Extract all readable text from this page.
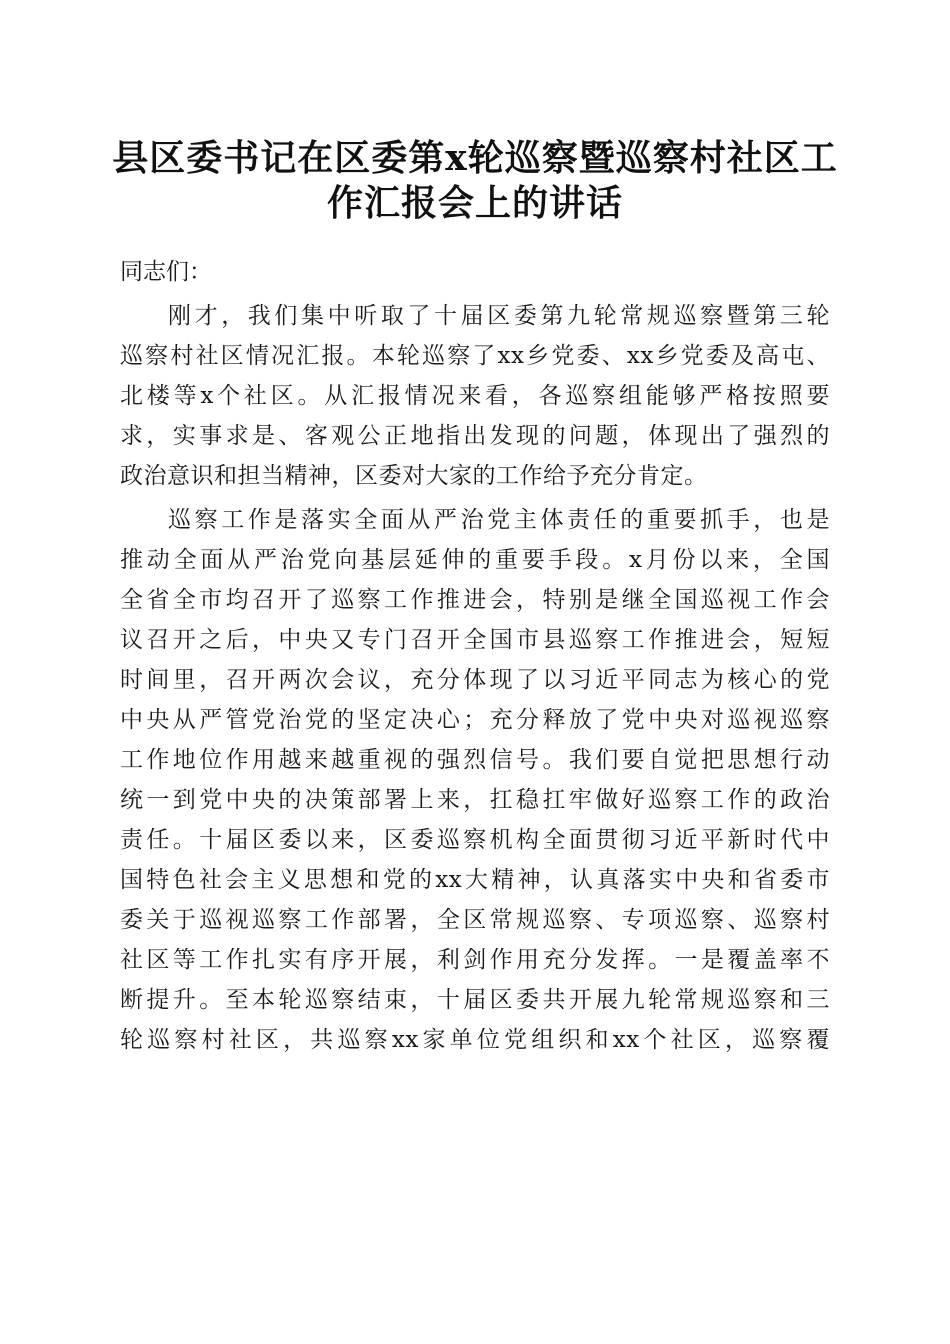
县区委书记在区委第x轮巡察暨巡察村社区工
作汇报会上的讲话
同志们：
刚才，我们集中听取了十届区委第九轮常规巡察暨第三轮
巡察村社区情况汇报。本轮巡察了xx乡党委、xx乡党委及高屯、
北楼等x个社区。从汇报情况来看，各巡察组能够严格按照要
求，实事求是、客观公正地指出发现的问题，体现出了强烈的
政治意识和担当精神，区委对大家的工作给予充分肯定。
巡察工作是落实全面从严治党主体责任的重要抓手，也是
推动全面从严治党向基层延伸的重要手段。x月份以来，全国
全省全市均召开了巡察工作推进会，特别是继全国巡视工作会
议召开之后，中央又专门召开全国市县巡察工作推进会，短短
时间里，召开两次会议，充分体现了以习近平同志为核心的党
中央从严管党治党的坚定决心；充分释放了党中央对巡视巡察
工作地位作用越来越重视的强烈信号。我们要自觉把思想行动
统一到党中央的决策部署上来，扛稳扛牢做好巡察工作的政治
责任。十届区委以来，区委巡察机构全面贯彻习近平新时代中
国特色社会主义思想和党的xx大精神，认真落实中央和省委市
委关于巡视巡察工作部署，全区常规巡察、专项巡察、巡察村
社区等工作扎实有序开展，利剑作用充分发挥。一是覆盖率不
断提升。至本轮巡察结束，十届区委共开展九轮常规巡察和三
轮巡察村社区，共巡察xx家单位党组织和xx个社区，巡察覆
